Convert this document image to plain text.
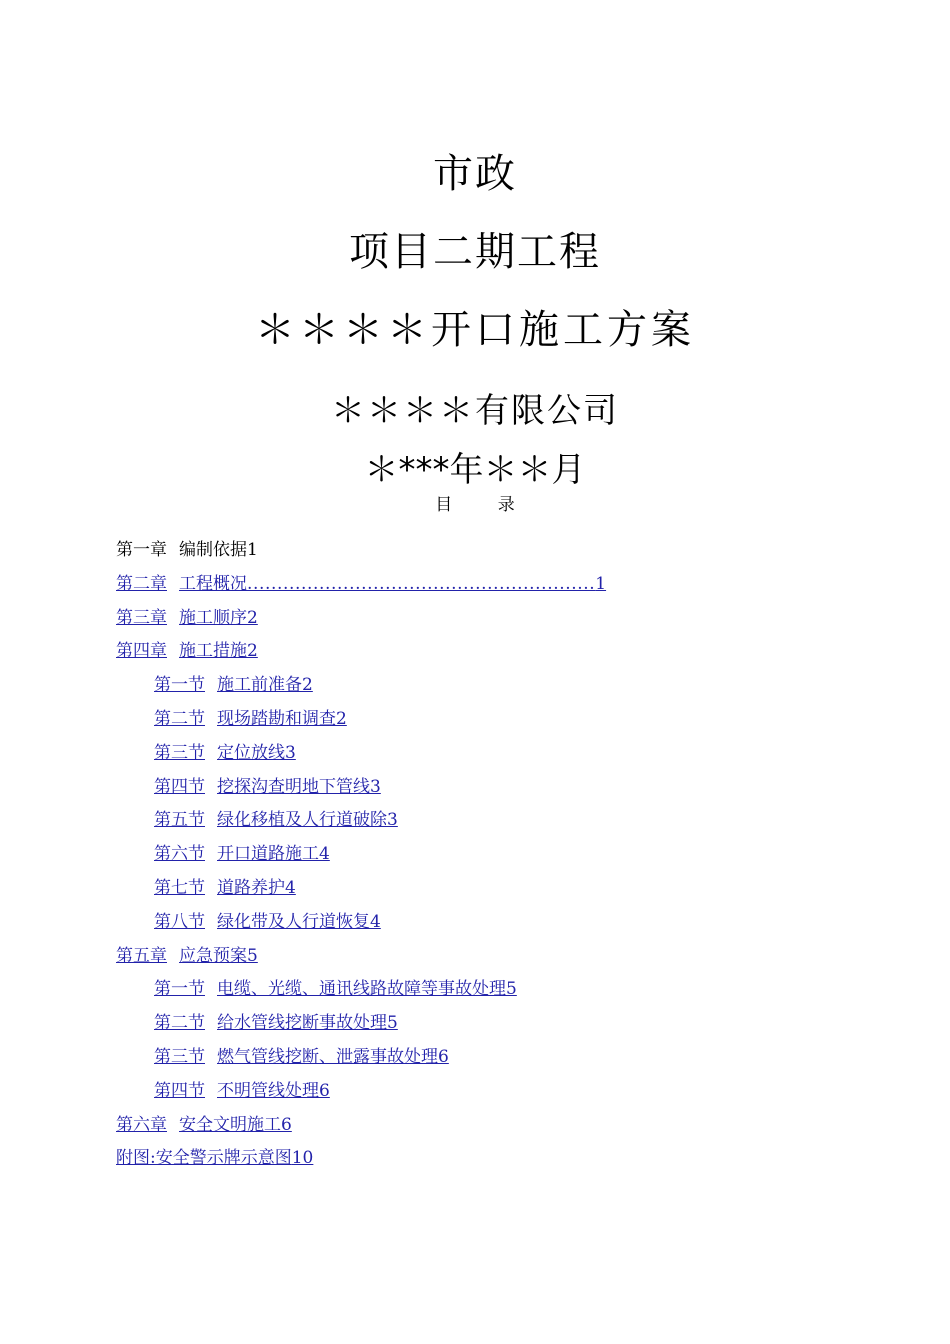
市政
项目二期工程
＊＊＊＊开口施工方案
＊＊＊＊有限公司
＊***年＊＊月
目 录
第一章 编制依据1
第二章 工程概况..........................................................1
第三章 施工顺序2
第四章 施工措施2
第一节 施工前准备2
第二节 现场踏勘和调查2
第三节 定位放线3
第四节 挖探沟查明地下管线3
第五节 绿化移植及人行道破除3
第六节 开口道路施工4
第七节 道路养护4
第八节 绿化带及人行道恢复4
第五章 应急预案5
第一节 电缆、光缆、通讯线路故障等事故处理5
第二节 给水管线挖断事故处理5
第三节 燃气管线挖断、泄露事故处理6
第四节 不明管线处理6
第六章 安全文明施工6
附图:安全警示牌示意图10
